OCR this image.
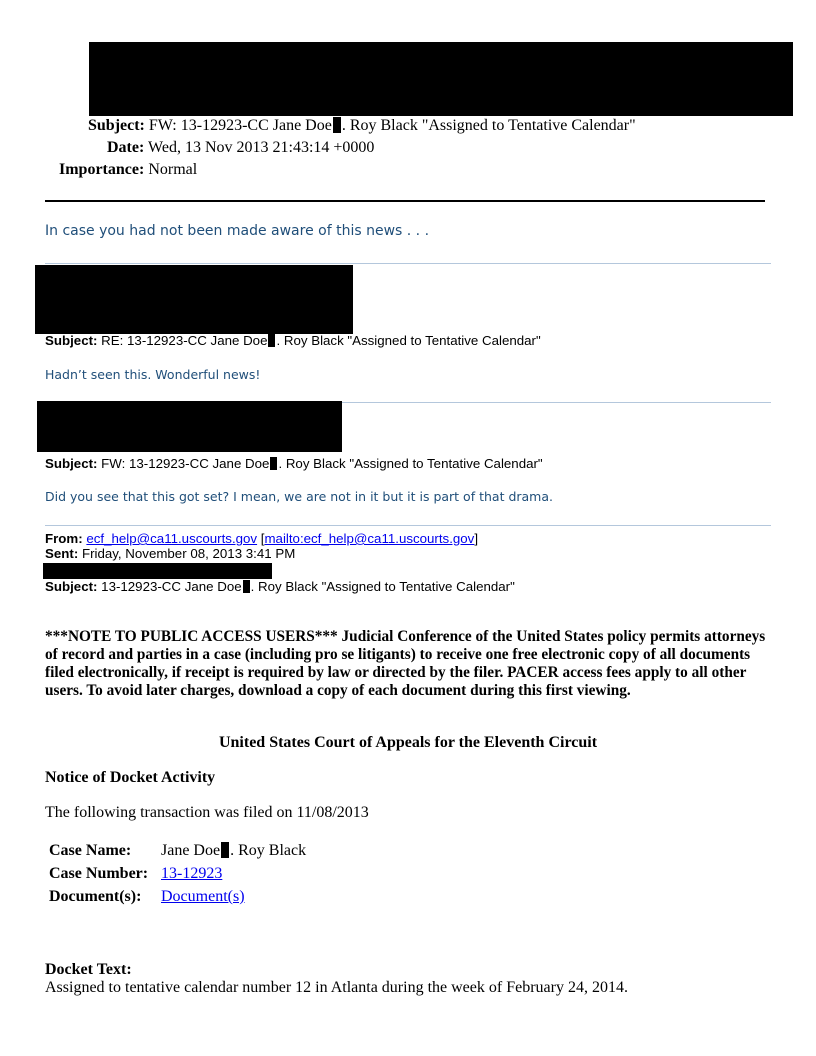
Subject: FW: 13-12923-CC Jane Doe . Roy Black "Assigned to Tentative Calendar"
Date: Wed, 13 Nov 2013 21:43:14 +0000
Importance: Normal
In case you had not been made aware of this news . . .
Subject: RE: 13-12923-CC Jane Doe . Roy Black "Assigned to Tentative Calendar"
Hadn’t seen this. Wonderful news!
Subject: FW: 13-12923-CC Jane Doe . Roy Black "Assigned to Tentative Calendar"
Did you see that this got set? I mean, we are not in it but it is part of that drama.
From: ecf_help@ca11.uscourts.gov [mailto:ecf_help@ca11.uscourts.gov]
Sent: Friday, November 08, 2013 3:41 PM
Subject: 13-12923-CC Jane Doe . Roy Black "Assigned to Tentative Calendar"
***NOTE TO PUBLIC ACCESS USERS*** Judicial Conference of the United States policy permits attorneys of record and parties in a case (including pro se litigants) to receive one free electronic copy of all documents filed electronically, if receipt is required by law or directed by the filer. PACER access fees apply to all other users. To avoid later charges, download a copy of each document during this first viewing.
United States Court of Appeals for the Eleventh Circuit
Notice of Docket Activity
The following transaction was filed on 11/08/2013
Case Name:	Jane Doe . Roy Black
Case Number:	13-12923
Document(s):	Document(s)
Docket Text:
Assigned to tentative calendar number 12 in Atlanta during the week of February 24, 2014.
